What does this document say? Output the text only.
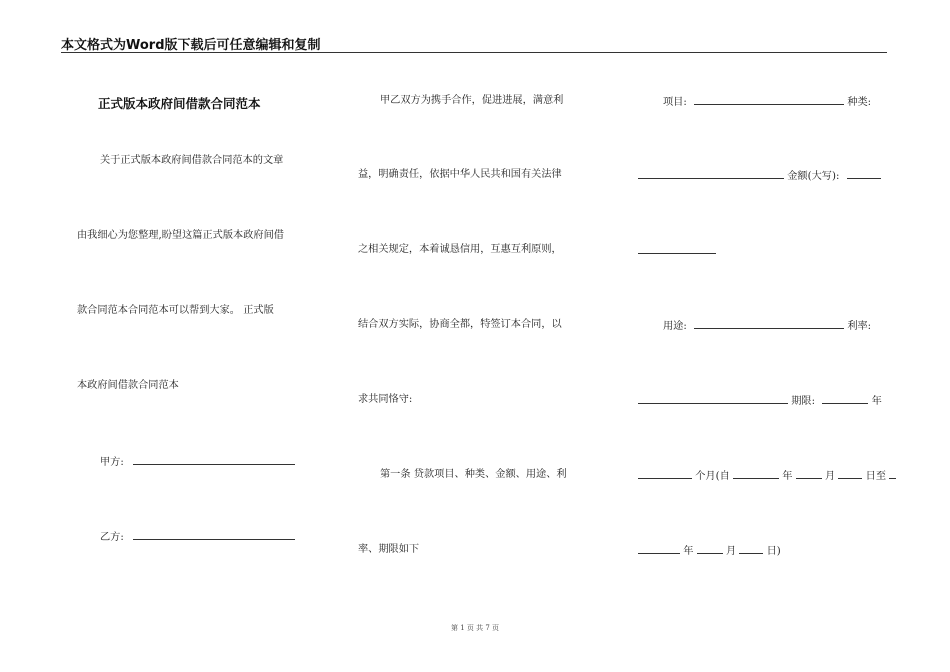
本文格式为Word版下载后可任意编辑和复制
正式版本政府间借款合同范本
关于正式版本政府间借款合同范本的文章
由我细心为您整理,盼望这篇正式版本政府间借
款合同范本合同范本可以帮到大家。 正式版
本政府间借款合同范本
甲方:
乙方:
甲乙双方为携手合作，促进进展，满意利
益，明确责任，依据中华人民共和国有关法律
之相关规定，本着诚恳信用，互惠互利原则，
结合双方实际，协商全都，特签订本合同，以
求共同恪守:
第一条 贷款项目、种类、金额、用途、利
率、期限如下
项目:	种类:
金额(大写):
用途:	利率:
期限:	年
个月(自	年	月	日至
年	月	日)
第 1 页 共 7 页
